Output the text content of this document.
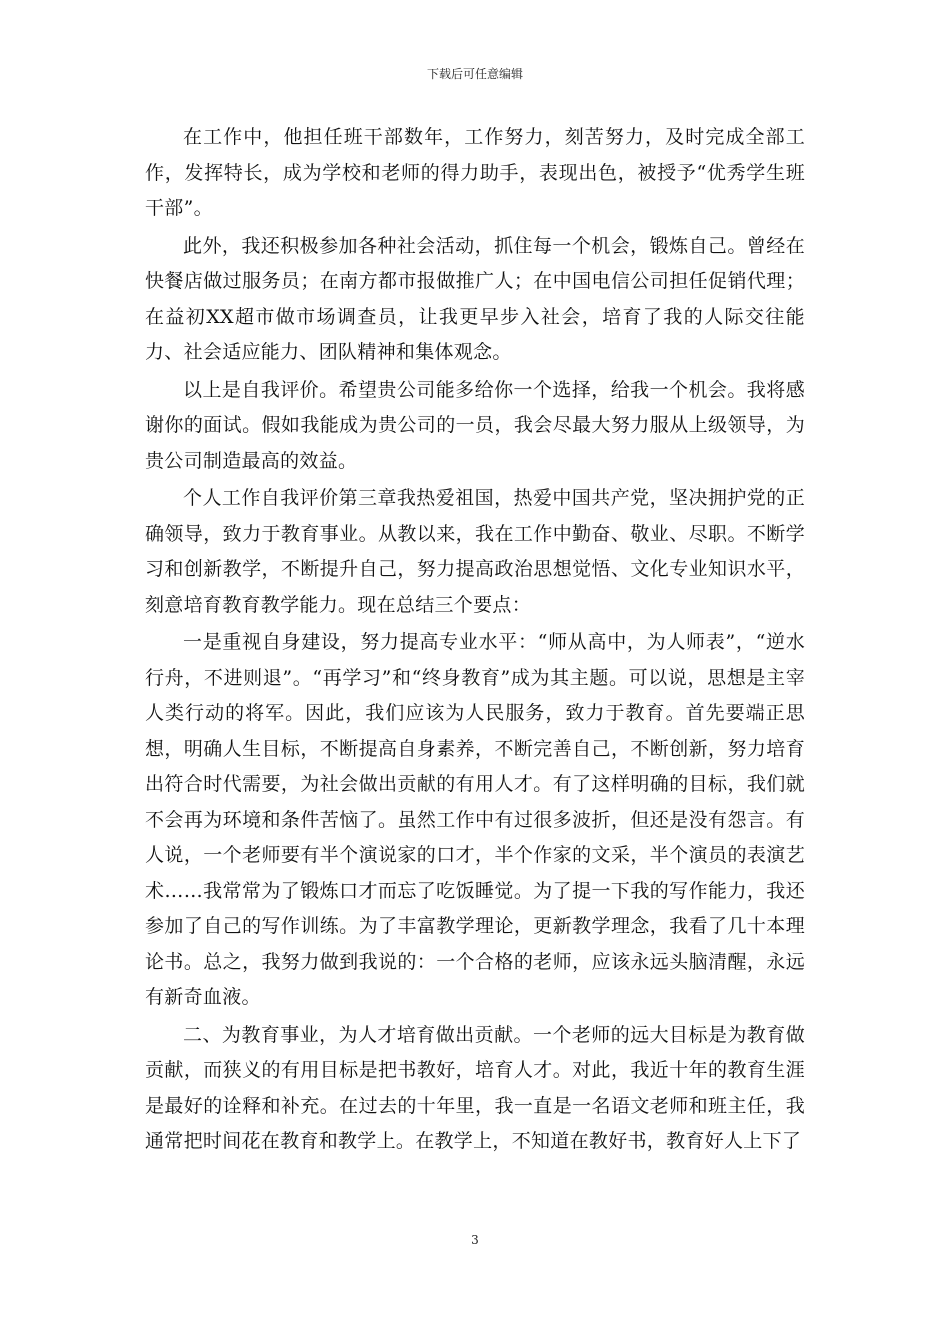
下载后可任意编辑

在工作中，他担任班干部数年，工作努力，刻苦努力，及时完成全部工作，发挥特长，成为学校和老师的得力助手，表现出色，被授予“优秀学生班干部”。

此外，我还积极参加各种社会活动，抓住每一个机会，锻炼自己。曾经在快餐店做过服务员；在南方都市报做推广人；在中国电信公司担任促销代理；在益初XX超市做市场调查员，让我更早步入社会，培育了我的人际交往能力、社会适应能力、团队精神和集体观念。

以上是自我评价。希望贵公司能多给你一个选择，给我一个机会。我将感谢你的面试。假如我能成为贵公司的一员，我会尽最大努力服从上级领导，为贵公司制造最高的效益。

个人工作自我评价第三章我热爱祖国，热爱中国共产党，坚决拥护党的正确领导，致力于教育事业。从教以来，我在工作中勤奋、敬业、尽职。不断学习和创新教学，不断提升自己，努力提高政治思想觉悟、文化专业知识水平，刻意培育教育教学能力。现在总结三个要点：

一是重视自身建设，努力提高专业水平：“师从高中，为人师表”，“逆水行舟，不进则退”。“再学习”和“终身教育”成为其主题。可以说，思想是主宰人类行动的将军。因此，我们应该为人民服务，致力于教育。首先要端正思想，明确人生目标，不断提高自身素养，不断完善自己，不断创新，努力培育出符合时代需要，为社会做出贡献的有用人才。有了这样明确的目标，我们就不会再为环境和条件苦恼了。虽然工作中有过很多波折，但还是没有怨言。有人说，一个老师要有半个演说家的口才，半个作家的文采，半个演员的表演艺术……我常常为了锻炼口才而忘了吃饭睡觉。为了提一下我的写作能力，我还参加了自己的写作训练。为了丰富教学理论，更新教学理念，我看了几十本理论书。总之，我努力做到我说的：一个合格的老师，应该永远头脑清醒，永远有新奇血液。

二、为教育事业，为人才培育做出贡献。一个老师的远大目标是为教育做贡献，而狭义的有用目标是把书教好，培育人才。对此，我近十年的教育生涯是最好的诠释和补充。在过去的十年里，我一直是一名语文老师和班主任，我通常把时间花在教育和教学上。在教学上，不知道在教好书，教育好人上下了

3
